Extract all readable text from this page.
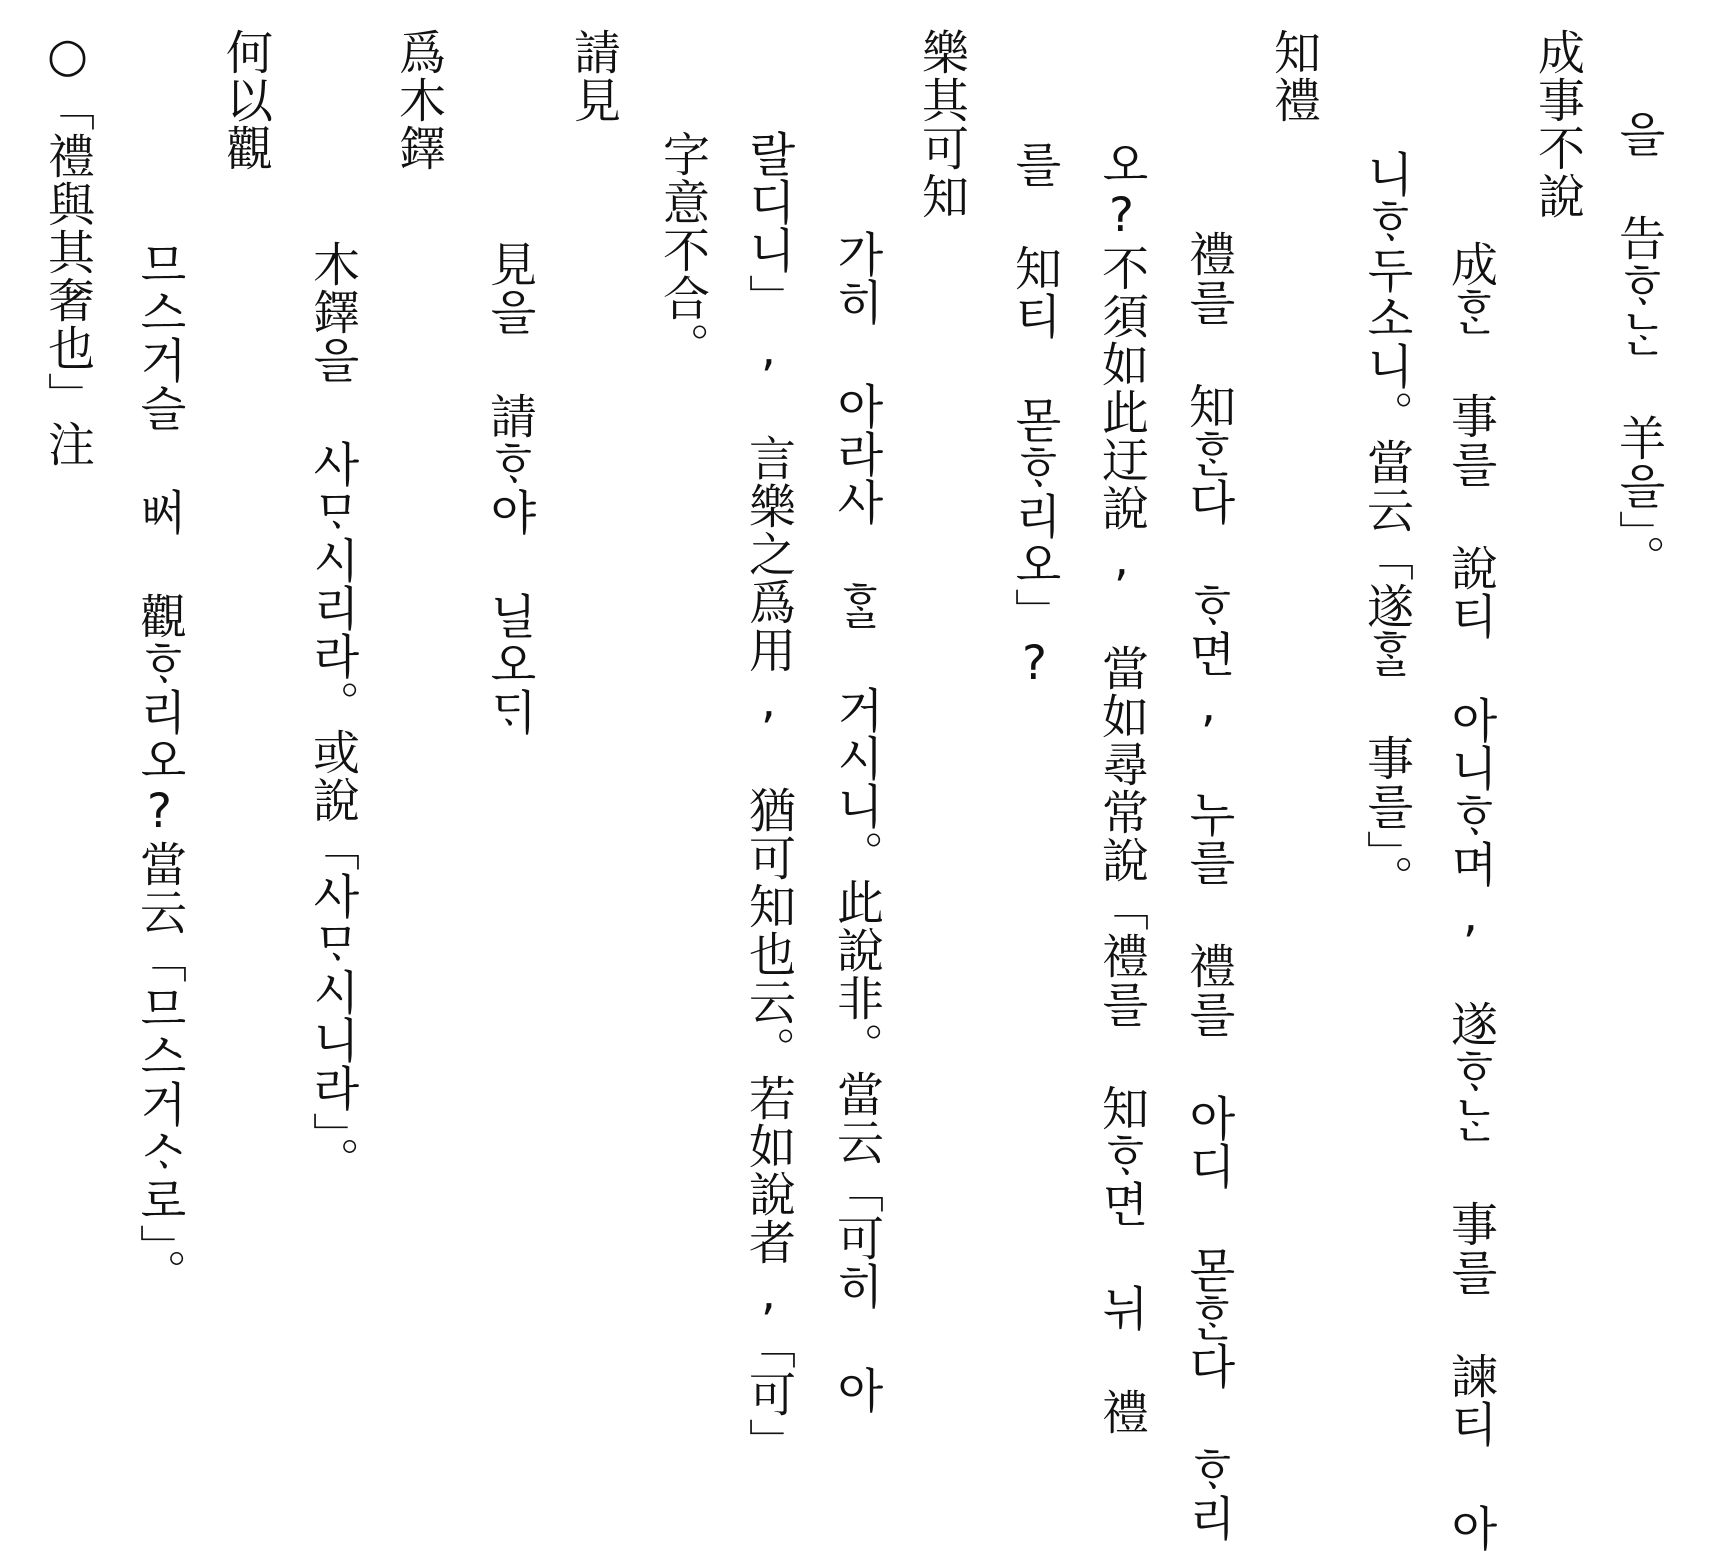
을 告ᄒᆞᄂᆞᆫ 羊을」。
成事不說
成ᄒᆞᆫ 事를 說티 아니ᄒᆞ며, 遂ᄒᆞᄂᆞᆫ 事를 諫티 아
니ᄒᆞ두소니。當云「遂ᄒᆞᆯ 事를」。
知禮
禮를 知ᄒᆞᆫ다 ᄒᆞ면, 누를 禮를 아디 몯ᄒᆞᆫ다 ᄒᆞ리
오?不須如此迂說, 當如尋常說「禮를 知ᄒᆞ면 뉘 禮
를 知티 몯ᄒᆞ리오」?
樂其可知
가히 아라사 ᄒᆞᆯ 거시니。此說非。當云「可히 아
랄디니」, 言樂之爲用, 猶可知也云。若如說者,「可」
字意不合。
請見
見을 請ᄒᆞ야 닐오ᄃᆡ
爲木鐸
木鐸을 사ᄆᆞ시리라。或說「사ᄆᆞ시니라」。
何以觀
므스거슬 ᄡᅥ 觀ᄒᆞ리오?當云「므스거ᄉᆞ로」。
○「禮與其奢也」注
